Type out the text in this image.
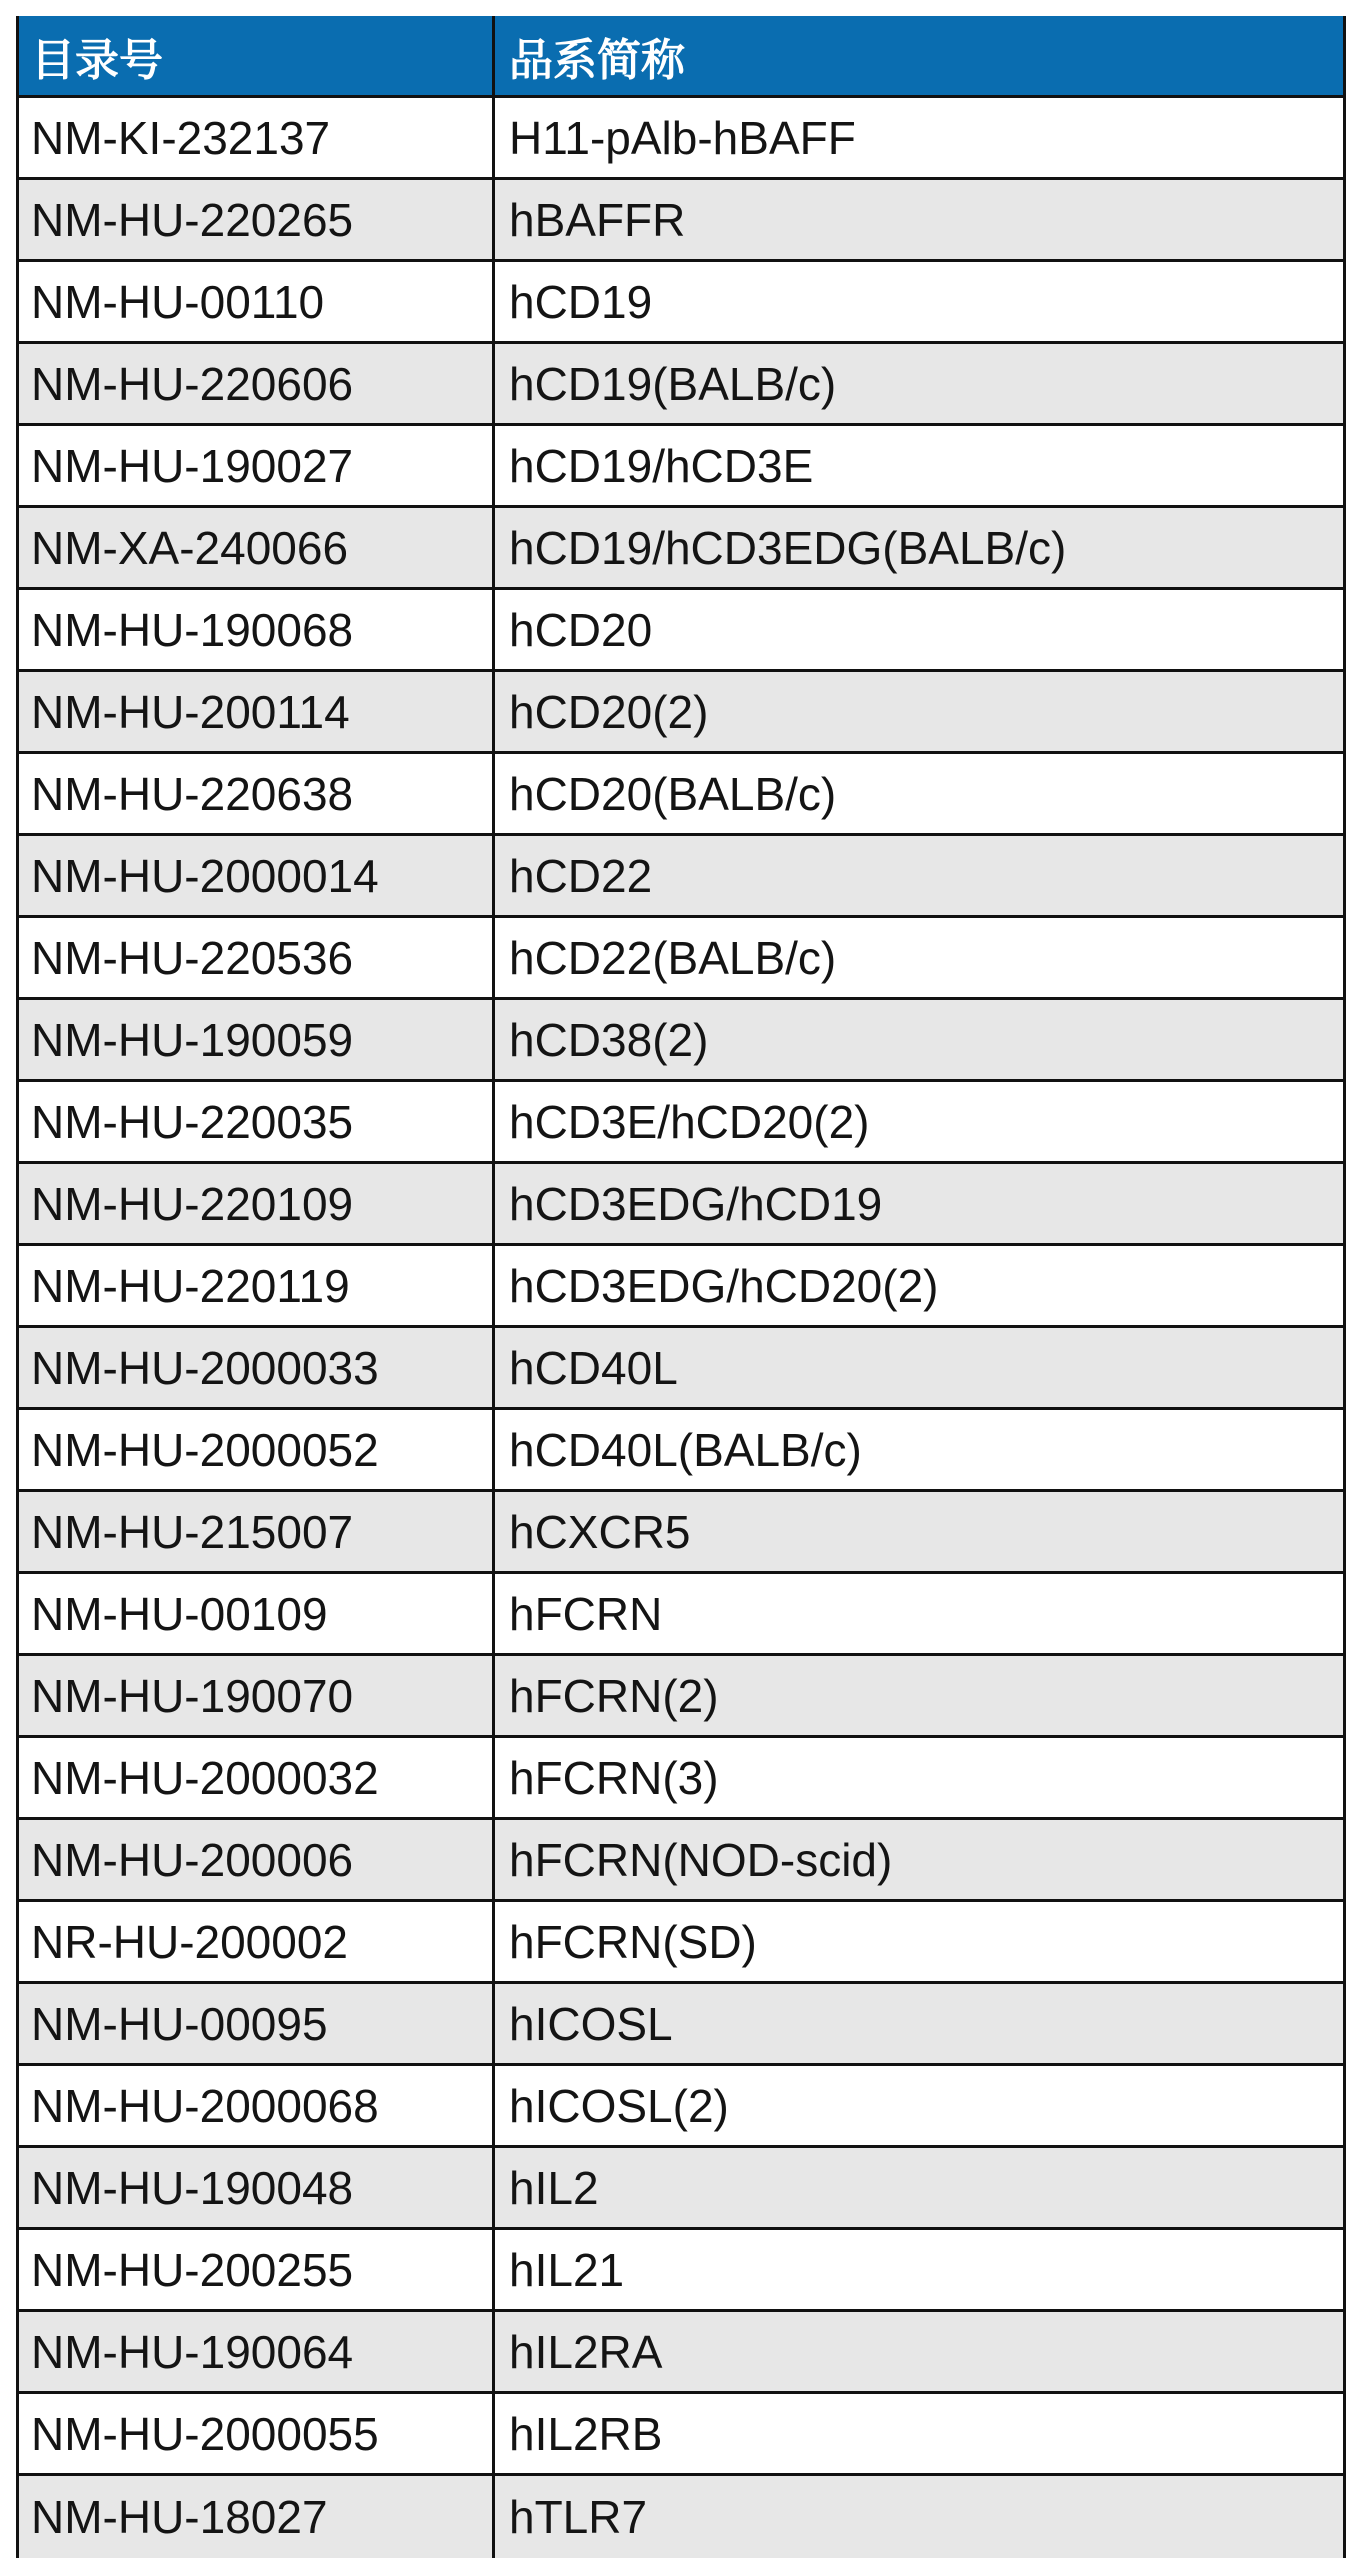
目录号	品系简称
NM-KI-232137	H11-pAlb-hBAFF
NM-HU-220265	hBAFFR
NM-HU-00110	hCD19
NM-HU-220606	hCD19(BALB/c)
NM-HU-190027	hCD19/hCD3E
NM-XA-240066	hCD19/hCD3EDG(BALB/c)
NM-HU-190068	hCD20
NM-HU-200114	hCD20(2)
NM-HU-220638	hCD20(BALB/c)
NM-HU-2000014	hCD22
NM-HU-220536	hCD22(BALB/c)
NM-HU-190059	hCD38(2)
NM-HU-220035	hCD3E/hCD20(2)
NM-HU-220109	hCD3EDG/hCD19
NM-HU-220119	hCD3EDG/hCD20(2)
NM-HU-2000033	hCD40L
NM-HU-2000052	hCD40L(BALB/c)
NM-HU-215007	hCXCR5
NM-HU-00109	hFCRN
NM-HU-190070	hFCRN(2)
NM-HU-2000032	hFCRN(3)
NM-HU-200006	hFCRN(NOD-scid)
NR-HU-200002	hFCRN(SD)
NM-HU-00095	hICOSL
NM-HU-2000068	hICOSL(2)
NM-HU-190048	hIL2
NM-HU-200255	hIL21
NM-HU-190064	hIL2RA
NM-HU-2000055	hIL2RB
NM-HU-18027	hTLR7
